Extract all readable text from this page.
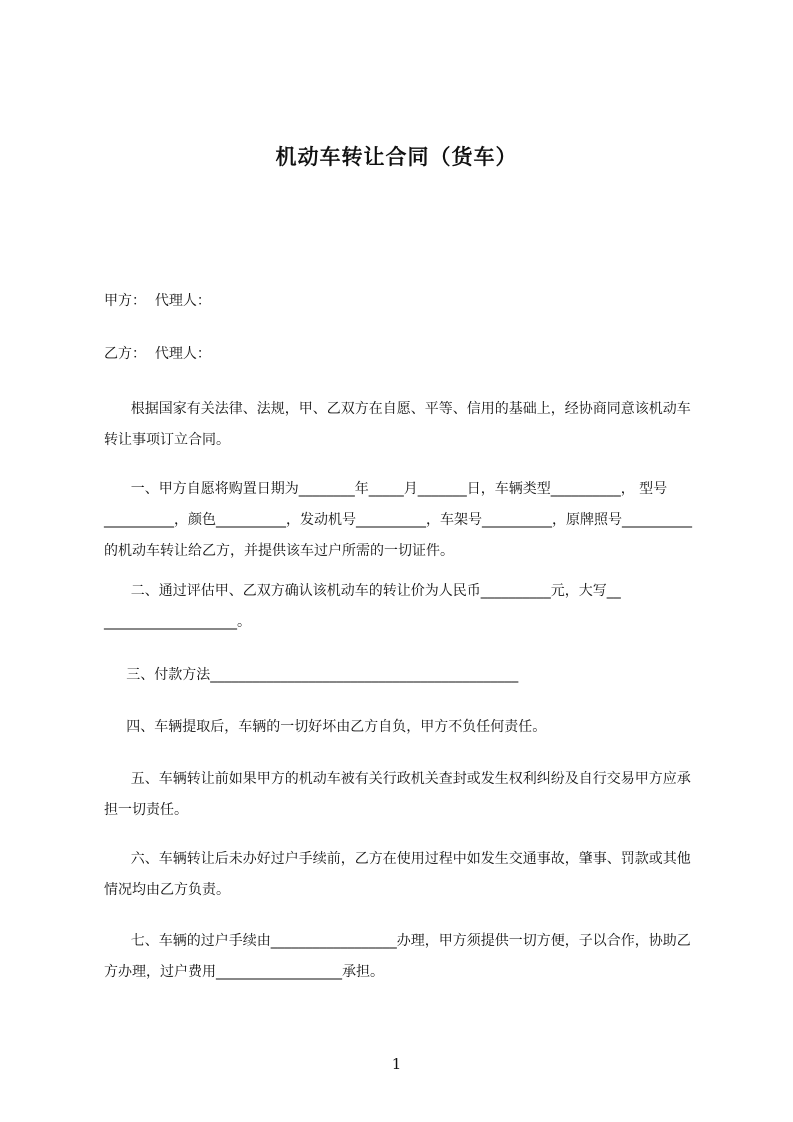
机动车转让合同（货车）
甲方：  代理人：
乙方：  代理人：
根据国家有关法律、法规，甲、乙双方在自愿、平等、信用的基础上，经协商同意该机动车转让事项订立合同。
一、甲方自愿将购置日期为________年_____月_______日，车辆类型__________， 型号__________，颜色__________，发动机号__________，车架号__________，原牌照号__________的机动车转让给乙方，并提供该车过户所需的一切证件。
二、通过评估甲、乙双方确认该机动车的转让价为人民币__________元，大写__ ___________________。
三、付款方法____________________________________________
四、车辆提取后，车辆的一切好坏由乙方自负，甲方不负任何责任。
五、车辆转让前如果甲方的机动车被有关行政机关查封或发生权利纠纷及自行交易甲方应承担一切责任。
六、车辆转让后未办好过户手续前，乙方在使用过程中如发生交通事故，肇事、罚款或其他情况均由乙方负责。
七、车辆的过户手续由__________________办理，甲方须提供一切方便，子以合作，协助乙方办理，过户费用__________________承担。
1
